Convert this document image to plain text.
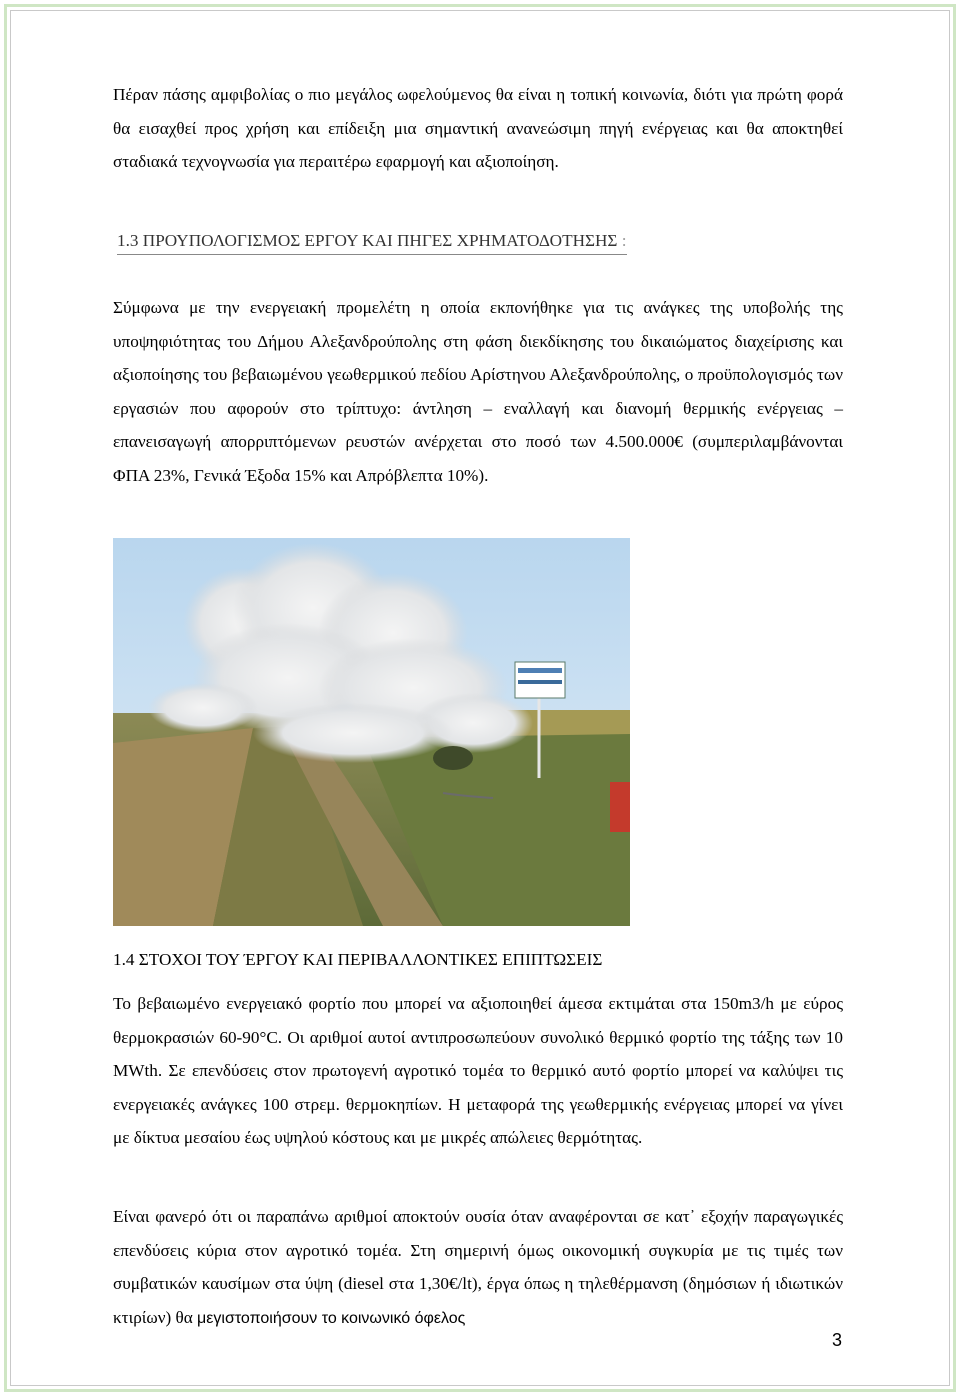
Πέραν πάσης αμφιβολίας ο πιο μεγάλος ωφελούμενος θα είναι η τοπική κοινωνία, διότι για πρώτη φορά θα εισαχθεί προς χρήση και επίδειξη μια σημαντική ανανεώσιμη πηγή ενέργειας και θα αποκτηθεί σταδιακά τεχνογνωσία για περαιτέρω εφαρμογή και αξιοποίηση.

1.3 ΠΡΟΥΠΟΛΟΓΙΣΜΟΣ ΕΡΓΟΥ ΚΑΙ ΠΗΓΕΣ ΧΡΗΜΑΤΟΔΟΤΗΣΗΣ :

Σύμφωνα με την ενεργειακή προμελέτη η οποία εκπονήθηκε για τις ανάγκες της υποβολής της υποψηφιότητας του Δήμου Αλεξανδρούπολης στη φάση διεκδίκησης του δικαιώματος διαχείρισης και αξιοποίησης του βεβαιωμένου γεωθερμικού πεδίου Αρίστηνου Αλεξανδρούπολης, ο προϋπολογισμός των εργασιών που αφορούν στο τρίπτυχο: άντληση – εναλλαγή και διανομή θερμικής ενέργειας – επανεισαγωγή απορριπτόμενων ρευστών ανέρχεται στο ποσό των 4.500.000€ (συμπεριλαμβάνονται ΦΠΑ 23%, Γενικά Έξοδα 15% και Απρόβλεπτα 10%).

1.4 ΣΤΟΧΟΙ ΤΟΥ ΈΡΓΟΥ ΚΑΙ ΠΕΡΙΒΑΛΛΟΝΤΙΚΕΣ ΕΠΙΠΤΩΣΕΙΣ

Το βεβαιωμένο ενεργειακό φορτίο που μπορεί να αξιοποιηθεί άμεσα εκτιμάται στα 150m3/h με εύρος θερμοκρασιών 60-90°C. Οι αριθμοί αυτοί αντιπροσωπεύουν συνολικό θερμικό φορτίο της τάξης των 10 MWth. Σε επενδύσεις στον πρωτογενή αγροτικό τομέα το θερμικό αυτό φορτίο μπορεί να καλύψει τις ενεργειακές ανάγκες 100 στρεμ. θερμοκηπίων. Η μεταφορά της γεωθερμικής ενέργειας μπορεί να γίνει με δίκτυα μεσαίου έως υψηλού κόστους και με μικρές απώλειες θερμότητας.

Είναι φανερό ότι οι παραπάνω αριθμοί αποκτούν ουσία όταν αναφέρονται σε κατ᾽ εξοχήν παραγωγικές επενδύσεις κύρια στον αγροτικό τομέα. Στη σημερινή όμως οικονομική συγκυρία με τις τιμές των συμβατικών καυσίμων στα ύψη (diesel στα 1,30€/lt), έργα όπως η τηλεθέρμανση (δημόσιων ή ιδιωτικών κτιρίων) θα μεγιστοποιήσουν το κοινωνικό όφελος

3
